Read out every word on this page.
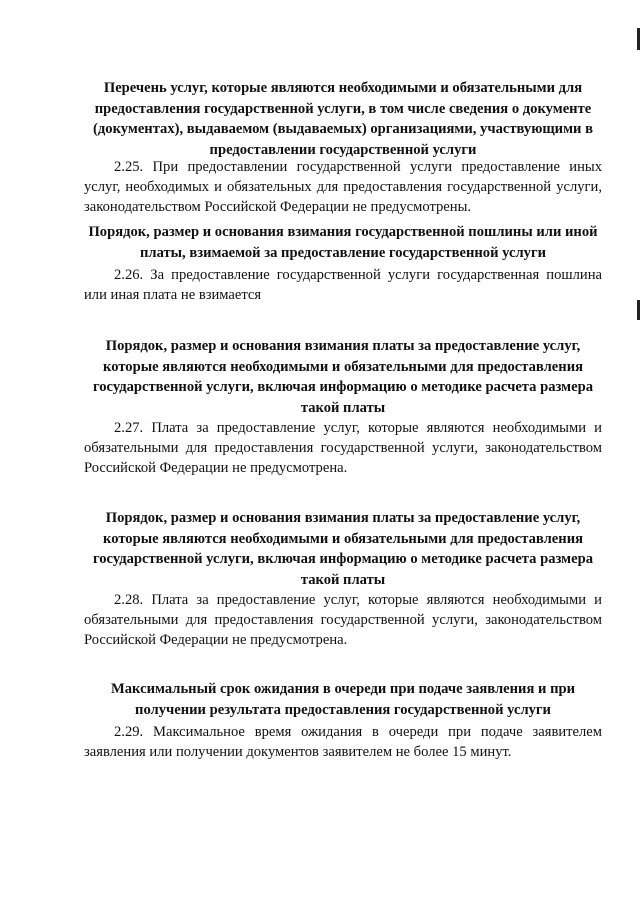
Перечень услуг, которые являются необходимыми и обязательными для предоставления государственной услуги, в том числе сведения о документе (документах), выдаваемом (выдаваемых) организациями, участвующими в предоставлении государственной услуги

2.25. При предоставлении государственной услуги предоставление иных услуг, необходимых и обязательных для предоставления государственной услуги, законодательством Российской Федерации не предусмотрены.

Порядок, размер и основания взимания государственной пошлины или иной платы, взимаемой за предоставление государственной услуги

2.26. За предоставление государственной услуги государственная пошлина или иная плата не взимается

Порядок, размер и основания взимания платы за предоставление услуг, которые являются необходимыми и обязательными для предоставления государственной услуги, включая информацию о методике расчета размера такой платы

2.27. Плата за предоставление услуг, которые являются необходимыми и обязательными для предоставления государственной услуги, законодательством Российской Федерации не предусмотрена.

Порядок, размер и основания взимания платы за предоставление услуг, которые являются необходимыми и обязательными для предоставления государственной услуги, включая информацию о методике расчета размера такой платы

2.28. Плата за предоставление услуг, которые являются необходимыми и обязательными для предоставления государственной услуги, законодательством Российской Федерации не предусмотрена.

Максимальный срок ожидания в очереди при подаче заявления и при получении результата предоставления государственной услуги

2.29. Максимальное время ожидания в очереди при подаче заявителем заявления или получении документов заявителем не более 15 минут.
